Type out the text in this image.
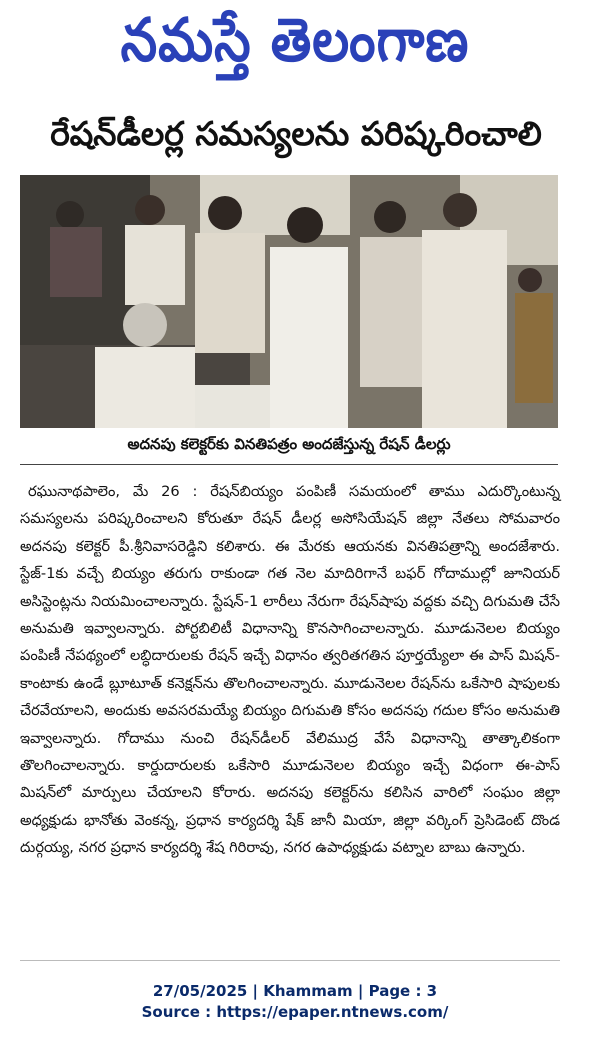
నమస్తే తెలంగాణ
రేషన్‌డీలర్ల సమస్యలను పరిష్కరించాలి
అదనపు కలెక్టర్‌కు వినతిపత్రం అందజేస్తున్న రేషన్ డీలర్లు

రఘునాథపాలెం, మే 26 : రేషన్‌బియ్యం పంపిణీ సమయంలో తాము ఎదుర్కొంటున్న సమస్యలను పరిష్కరించాలని కోరుతూ రేషన్ డీలర్ల అసోసియేషన్ జిల్లా నేతలు సోమవారం అదనపు కలెక్టర్ పీ.శ్రీనివాసరెడ్డిని కలిశారు. ఈ మేరకు ఆయనకు వినతిపత్రాన్ని అందజేశారు. స్టేజ్-1కు వచ్చే బియ్యం తరుగు రాకుండా గత నెల మాదిరిగానే బఫర్ గోదాముల్లో జూనియర్ అసిస్టెంట్లను నియమించాలన్నారు. స్టేషన్-1 లారీలు నేరుగా రేషన్‌షాపు వద్దకు వచ్చి దిగుమతి చేసే అనుమతి ఇవ్వాలన్నారు. పోర్టబిలిటీ విధానాన్ని కొనసాగించాలన్నారు. మూడునెలల బియ్యం పంపిణీ నేపథ్యంలో లబ్ధిదారులకు రేషన్ ఇచ్చే విధానం త్వరితగతిన పూర్తయ్యేలా ఈ పాస్ మిషన్-కాంటాకు ఉండే బ్లూటూత్ కనెక్షన్‌ను తొలగించాలన్నారు. మూడునెలల రేషన్‌ను ఒకేసారి షాపులకు చేరవేయాలని, అందుకు అవసరమయ్యే బియ్యం దిగుమతి కోసం అదనపు గదుల కోసం అనుమతి ఇవ్వాలన్నారు. గోదాము నుంచి రేషన్‌డీలర్ వేలిముద్ర వేసే విధానాన్ని తాత్కాలికంగా తొలగించాలన్నారు. కార్డుదారులకు ఒకేసారి మూడునెలల బియ్యం ఇచ్చే విధంగా ఈ-పాస్ మిషన్‌లో మార్పులు చేయాలని కోరారు. అదనపు కలెక్టర్‌ను కలిసిన వారిలో సంఘం జిల్లా అధ్యక్షుడు భానోతు వెంకన్న, ప్రధాన కార్యదర్శి షేక్ జానీ మియా, జిల్లా వర్కింగ్ ప్రెసిడెంట్ దొండ దుర్గయ్య, నగర ప్రధాన కార్యదర్శి శేష గిరిరావు, నగర ఉపాధ్యక్షుడు వట్నాల బాబు ఉన్నారు.

27/05/2025 | Khammam | Page : 3
Source : https://epaper.ntnews.com/
